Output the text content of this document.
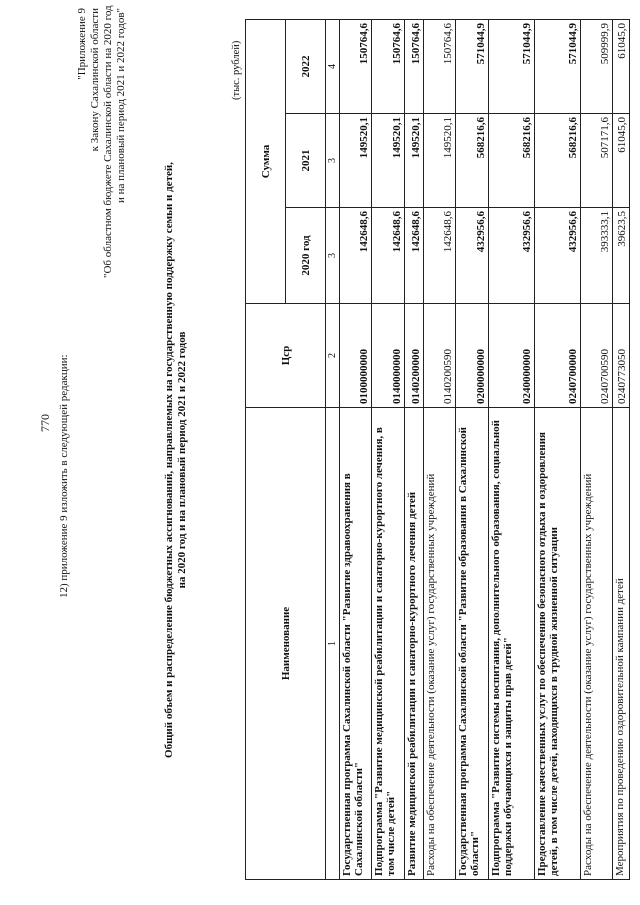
12) приложение 9 изложить в следующей редакции:
770
"Приложение 9 к Закону Сахалинской области "Об областном бюджете Сахалинской области на 2020 год и на плановый период 2021 и 2022 годов"
Общий объем и распределение бюджетных ассигнований, направляемых на государственную поддержку семьи и детей, на 2020 год и на плановый период 2021 и 2022 годов
(тыс. рублей)
Наименование	Цср	Сумма		
		2020 год	2021	2022
1	2	3	3	4
Государственная программа Сахалинской области "Развитие здравоохранения в Сахалинской области"	0100000000	142648,6	149520,1	150764,6
Подпрограмма "Развитие медицинской реабилитации и санаторно-курортного лечения, в том числе детей"	0140000000	142648,6	149520,1	150764,6
Развитие медицинской реабилитации и санаторно-курортного лечения детей	0140200000	142648,6	149520,1	150764,6
Расходы на обеспечение деятельности (оказание услуг) государственных учреждений	0140200590	142648,6	149520,1	150764,6
Государственная программа Сахалинской области "Развитие образования в Сахалинской области"	0200000000	432956,6	568216,6	571044,9
Подпрограмма "Развитие системы воспитания, дополнительного образования, социальной поддержки обучающихся и защиты прав детей"	0240000000	432956,6	568216,6	571044,9
Предоставление качественных услуг по обеспечению безопасного отдыха и оздоровления детей, в том числе детей, находящихся в трудной жизненной ситуации	0240700000	432956,6	568216,6	571044,9
Расходы на обеспечение деятельности (оказание услуг) государственных учреждений	0240700590	393333,1	507171,6	509999,9
Мероприятия по проведению оздоровительной кампании детей	0240773050	39623,5	61045,0	61045,0
